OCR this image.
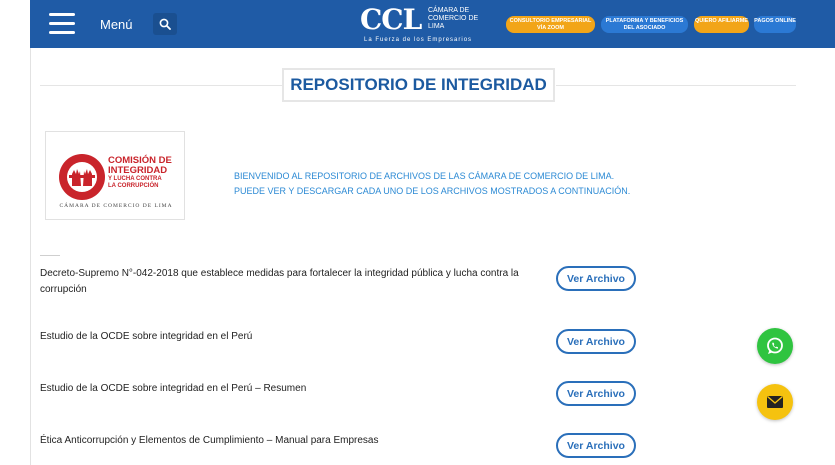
Menú	CCL CÁMARA DE COMERCIO DE LIMA
La Fuerza de los Empresarios
CONSULTORIO EMPRESARIAL VÍA ZOOM
PLATAFORMA Y BENEFICIOS DEL ASOCIADO
QUIERO AFILIARME PAGOS ONLINE
REPOSITORIO DE INTEGRIDAD
COMISIÓN DE
INTEGRIDAD
Y LUCHA CONTRA
LA CORRUPCIÓN
CÁMARA DE COMERCIO DE LIMA
BIENVENIDO AL REPOSITORIO DE ARCHIVOS DE LAS CÁMARA DE COMERCIO DE LIMA.
PUEDE VER Y DESCARGAR CADA UNO DE LOS ARCHIVOS MOSTRADOS A CONTINUACIÓN.
Decreto-Supremo N°-042-2018 que establece medidas para fortalecer la integridad pública y lucha contra la corrupción
Ver Archivo
Estudio de la OCDE sobre integridad en el Perú	Ver Archivo
Estudio de la OCDE sobre integridad en el Perú – Resumen	Ver Archivo
Ética Anticorrupción y Elementos de Cumplimiento – Manual para Empresas	Ver Archivo
